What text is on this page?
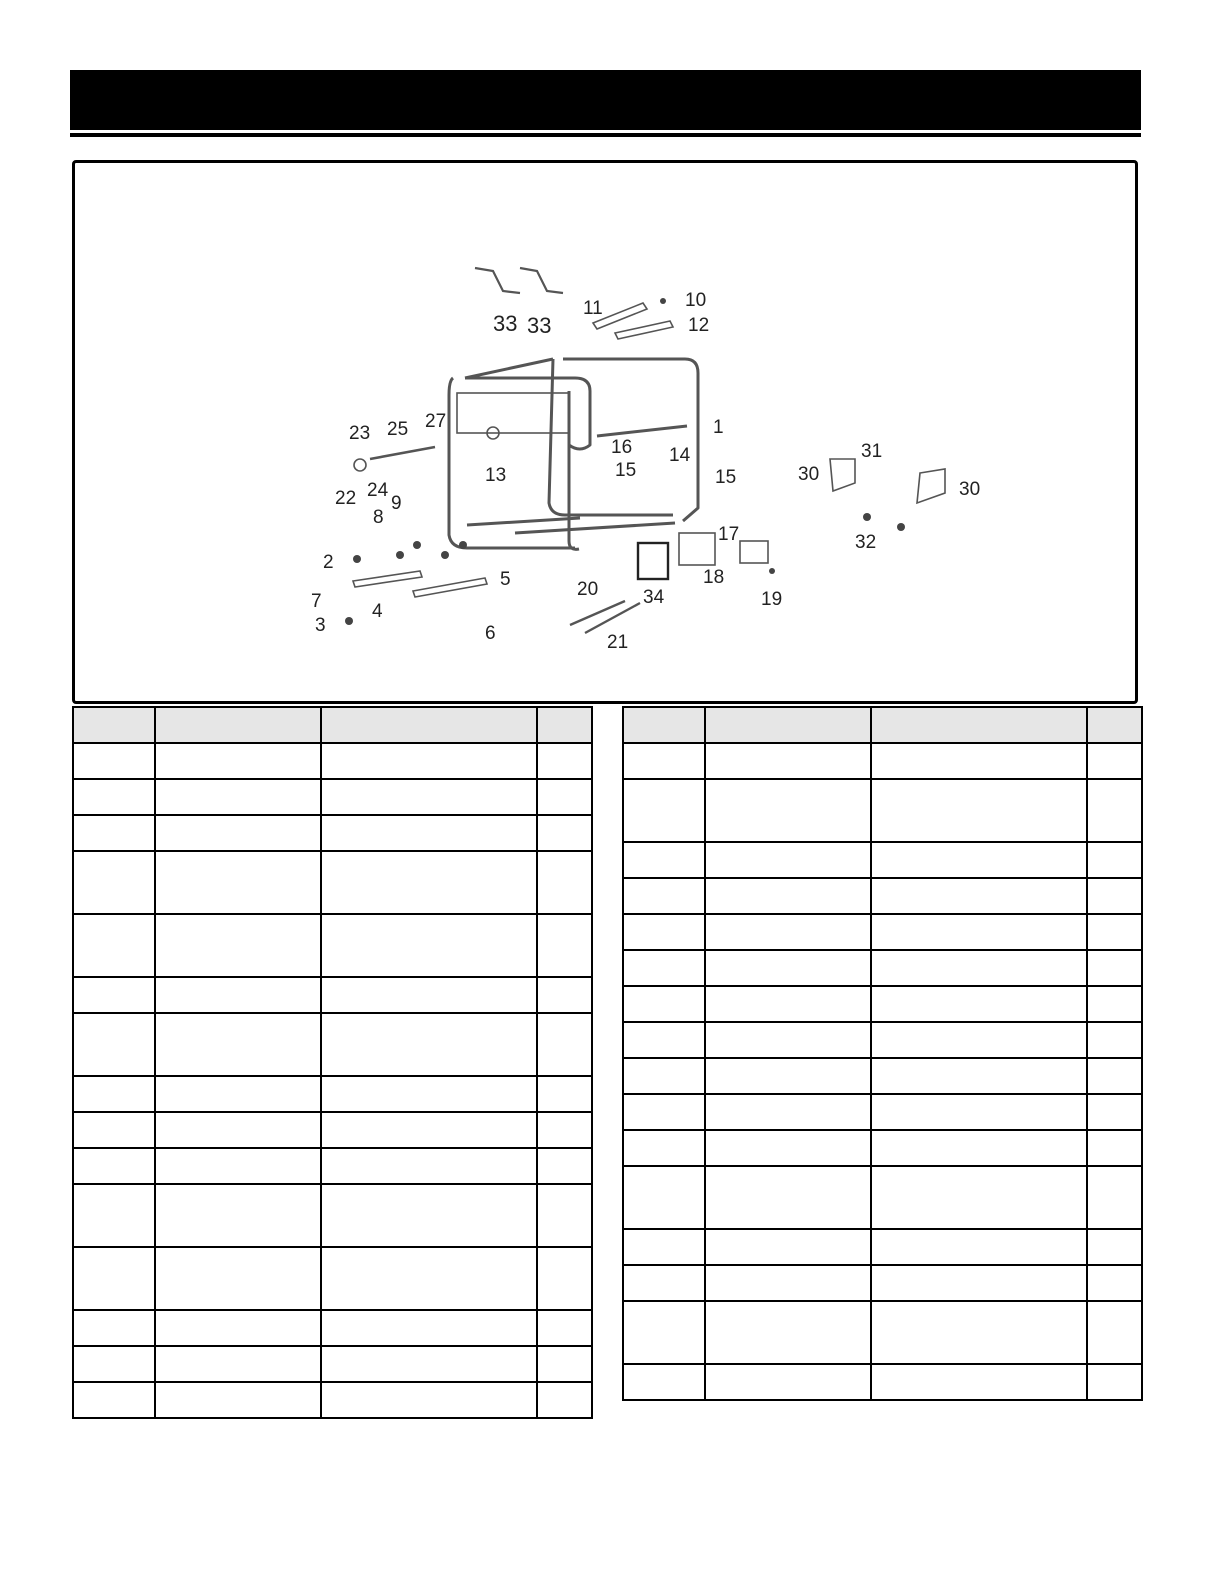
33 33
11	10
12
1
23 25 27
16 14
15	15
31
30
30
22 24
13
9
8
17	32
2
5	18
20 34
7	4
19
3	6	21
